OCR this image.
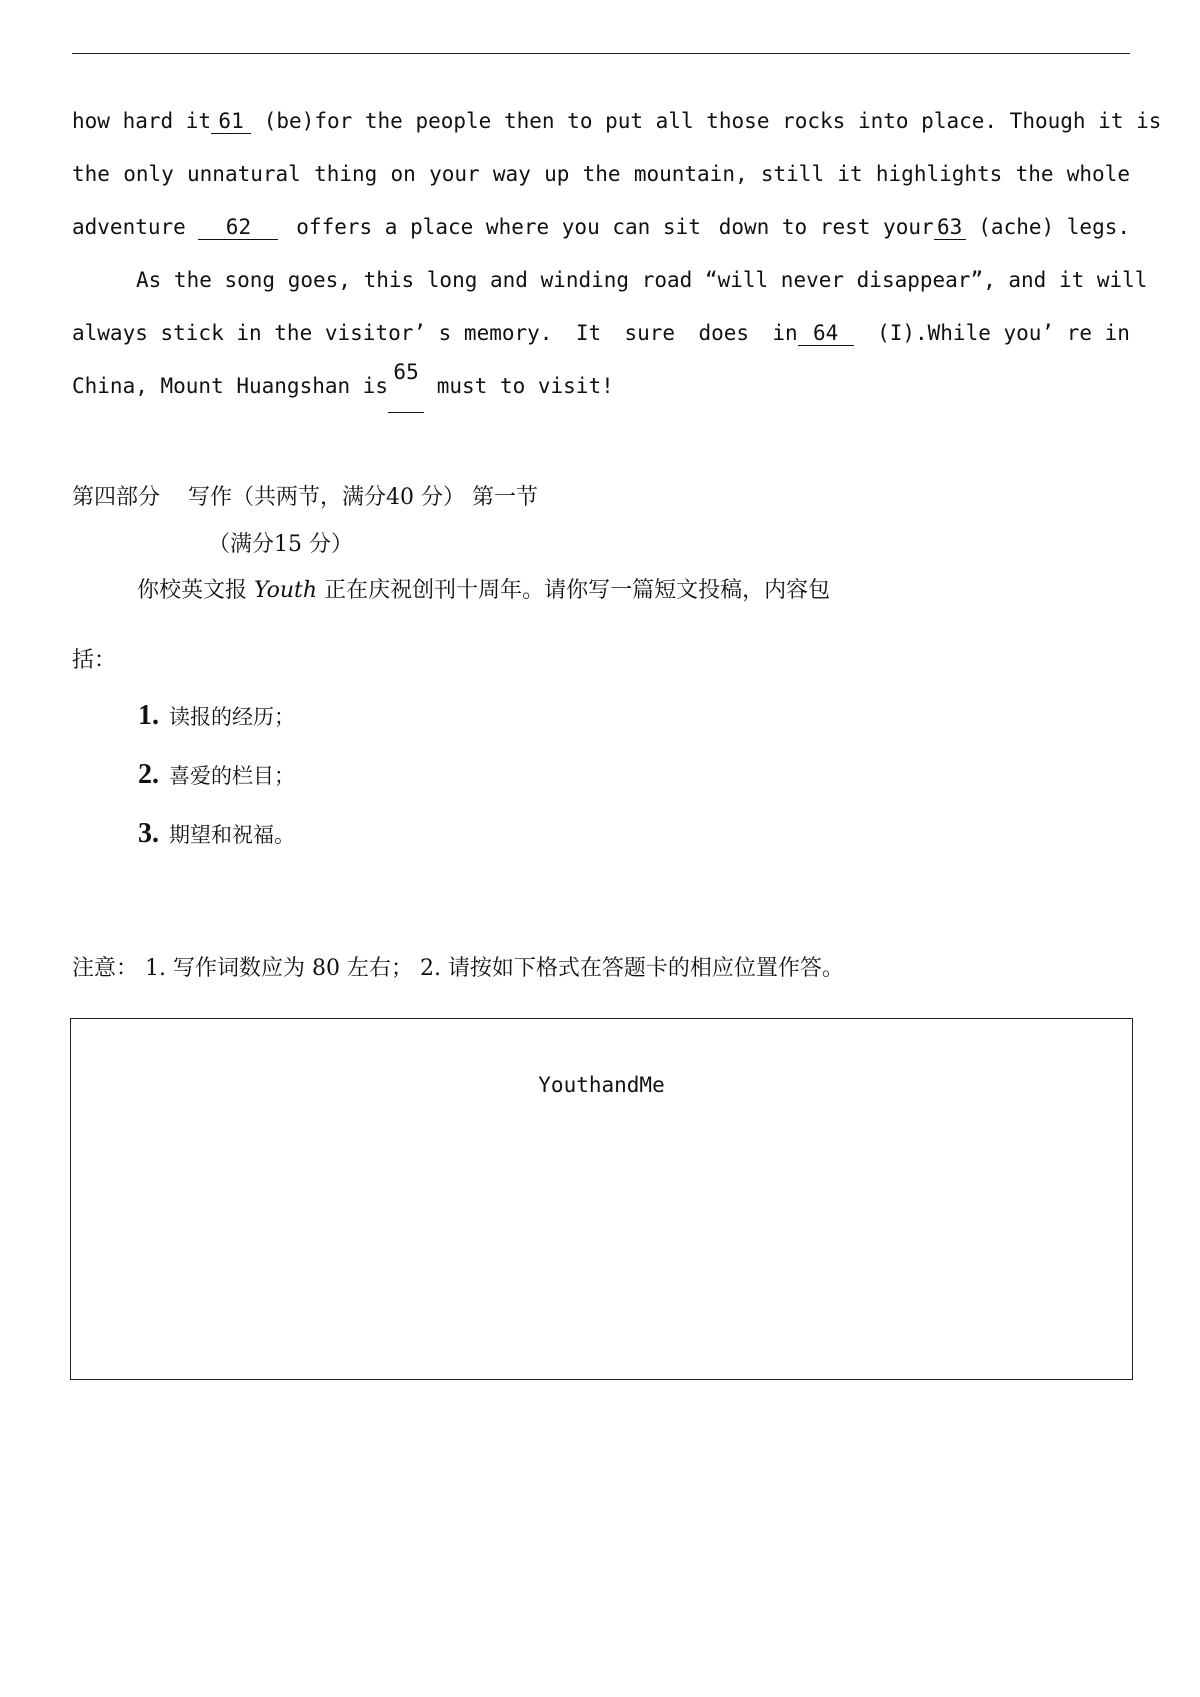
how hard it 61 (be) for the people then to put all those rocks into place. Though it is
the only unnatural thing on your way up the mountain, still it highlights the whole
adventure 62	offers a place where you can sit down to rest your 63 (ache) legs.
As the song goes, this long and winding road “will never disappear”, and it will
always stick in the visitor’ s memory. It sure does in 64	(I).While you’ re in
China, Mount Huangshan is
65

must to visit!
第四部分 写作（共两节，满分40 分） 第一节
（满分15 分）
你校英文报 Youth 正在庆祝创刊十周年。请你写一篇短文投稿，内容包
括：
1. 读报的经历；
2. 喜爱的栏目；
3. 期望和祝福。
注意： 1. 写作词数应为 80 左右； 2. 请按如下格式在答题卡的相应位置作答。
YouthandMe
